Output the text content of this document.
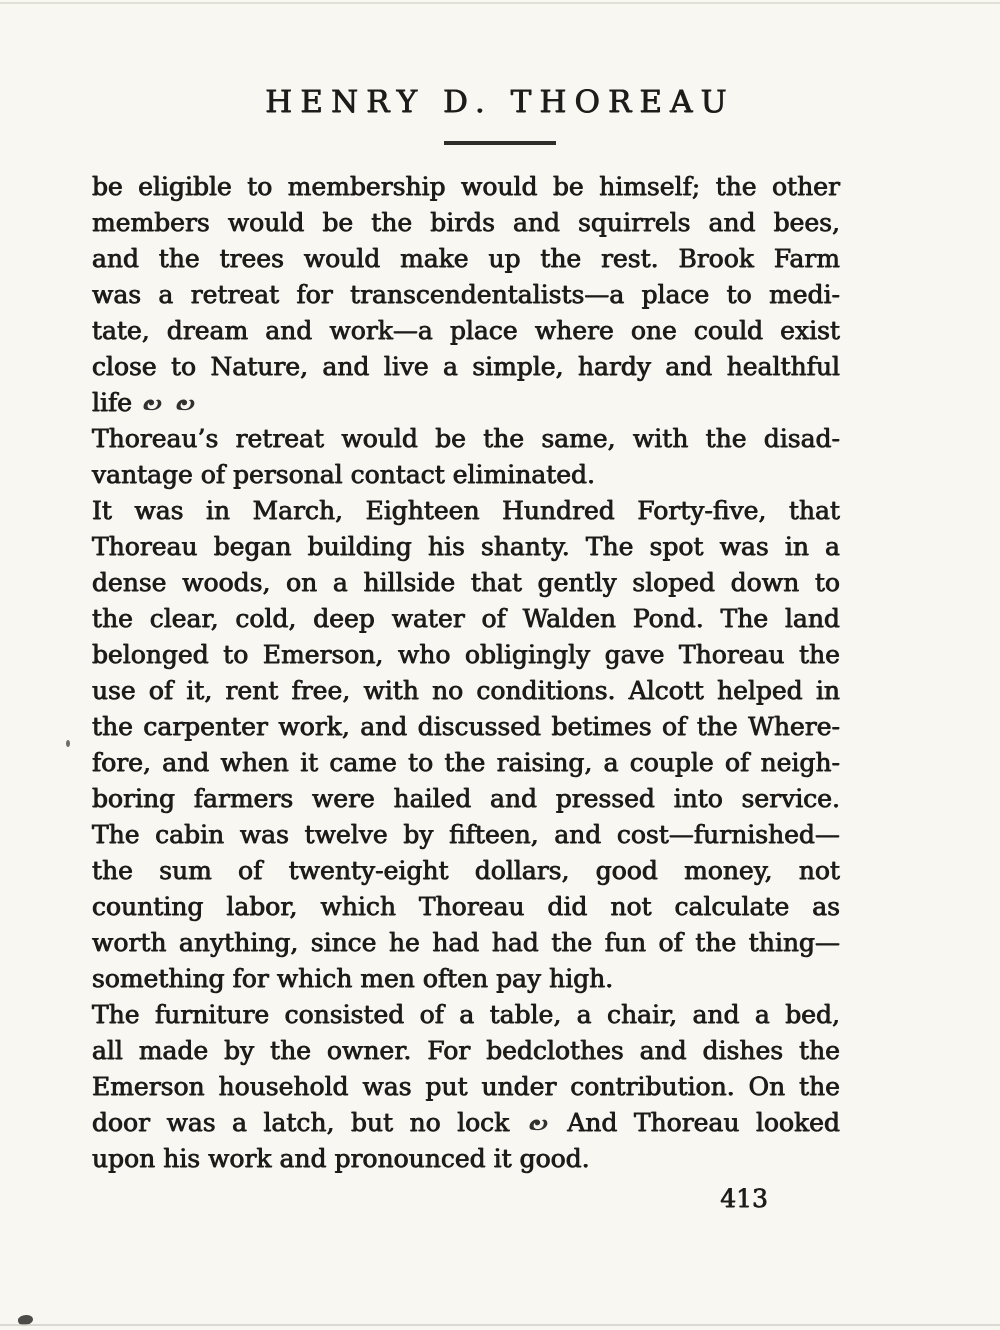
HENRY D. THOREAU
be eligible to membership would be himself; the other
members would be the birds and squirrels and bees,
and the trees would make up the rest. Brook Farm
was a retreat for transcendentalists—a place to medi-
tate, dream and work—a place where one could exist
close to Nature, and live a simple, hardy and healthful
life
Thoreau’s retreat would be the same, with the disad-
vantage of personal contact eliminated.
It was in March, Eighteen Hundred Forty-five, that
Thoreau began building his shanty. The spot was in a
dense woods, on a hillside that gently sloped down to
the clear, cold, deep water of Walden Pond. The land
belonged to Emerson, who obligingly gave Thoreau the
use of it, rent free, with no conditions. Alcott helped in
the carpenter work, and discussed betimes of the Where-
fore, and when it came to the raising, a couple of neigh-
boring farmers were hailed and pressed into service.
The cabin was twelve by fifteen, and cost—furnished—
the sum of twenty-eight dollars, good money, not
counting labor, which Thoreau did not calculate as
worth anything, since he had had the fun of the thing—
something for which men often pay high.
The furniture consisted of a table, a chair, and a bed,
all made by the owner. For bedclothes and dishes the
Emerson household was put under contribution. On the
door was a latch, but no lock  And Thoreau looked
upon his work and pronounced it good.
413
